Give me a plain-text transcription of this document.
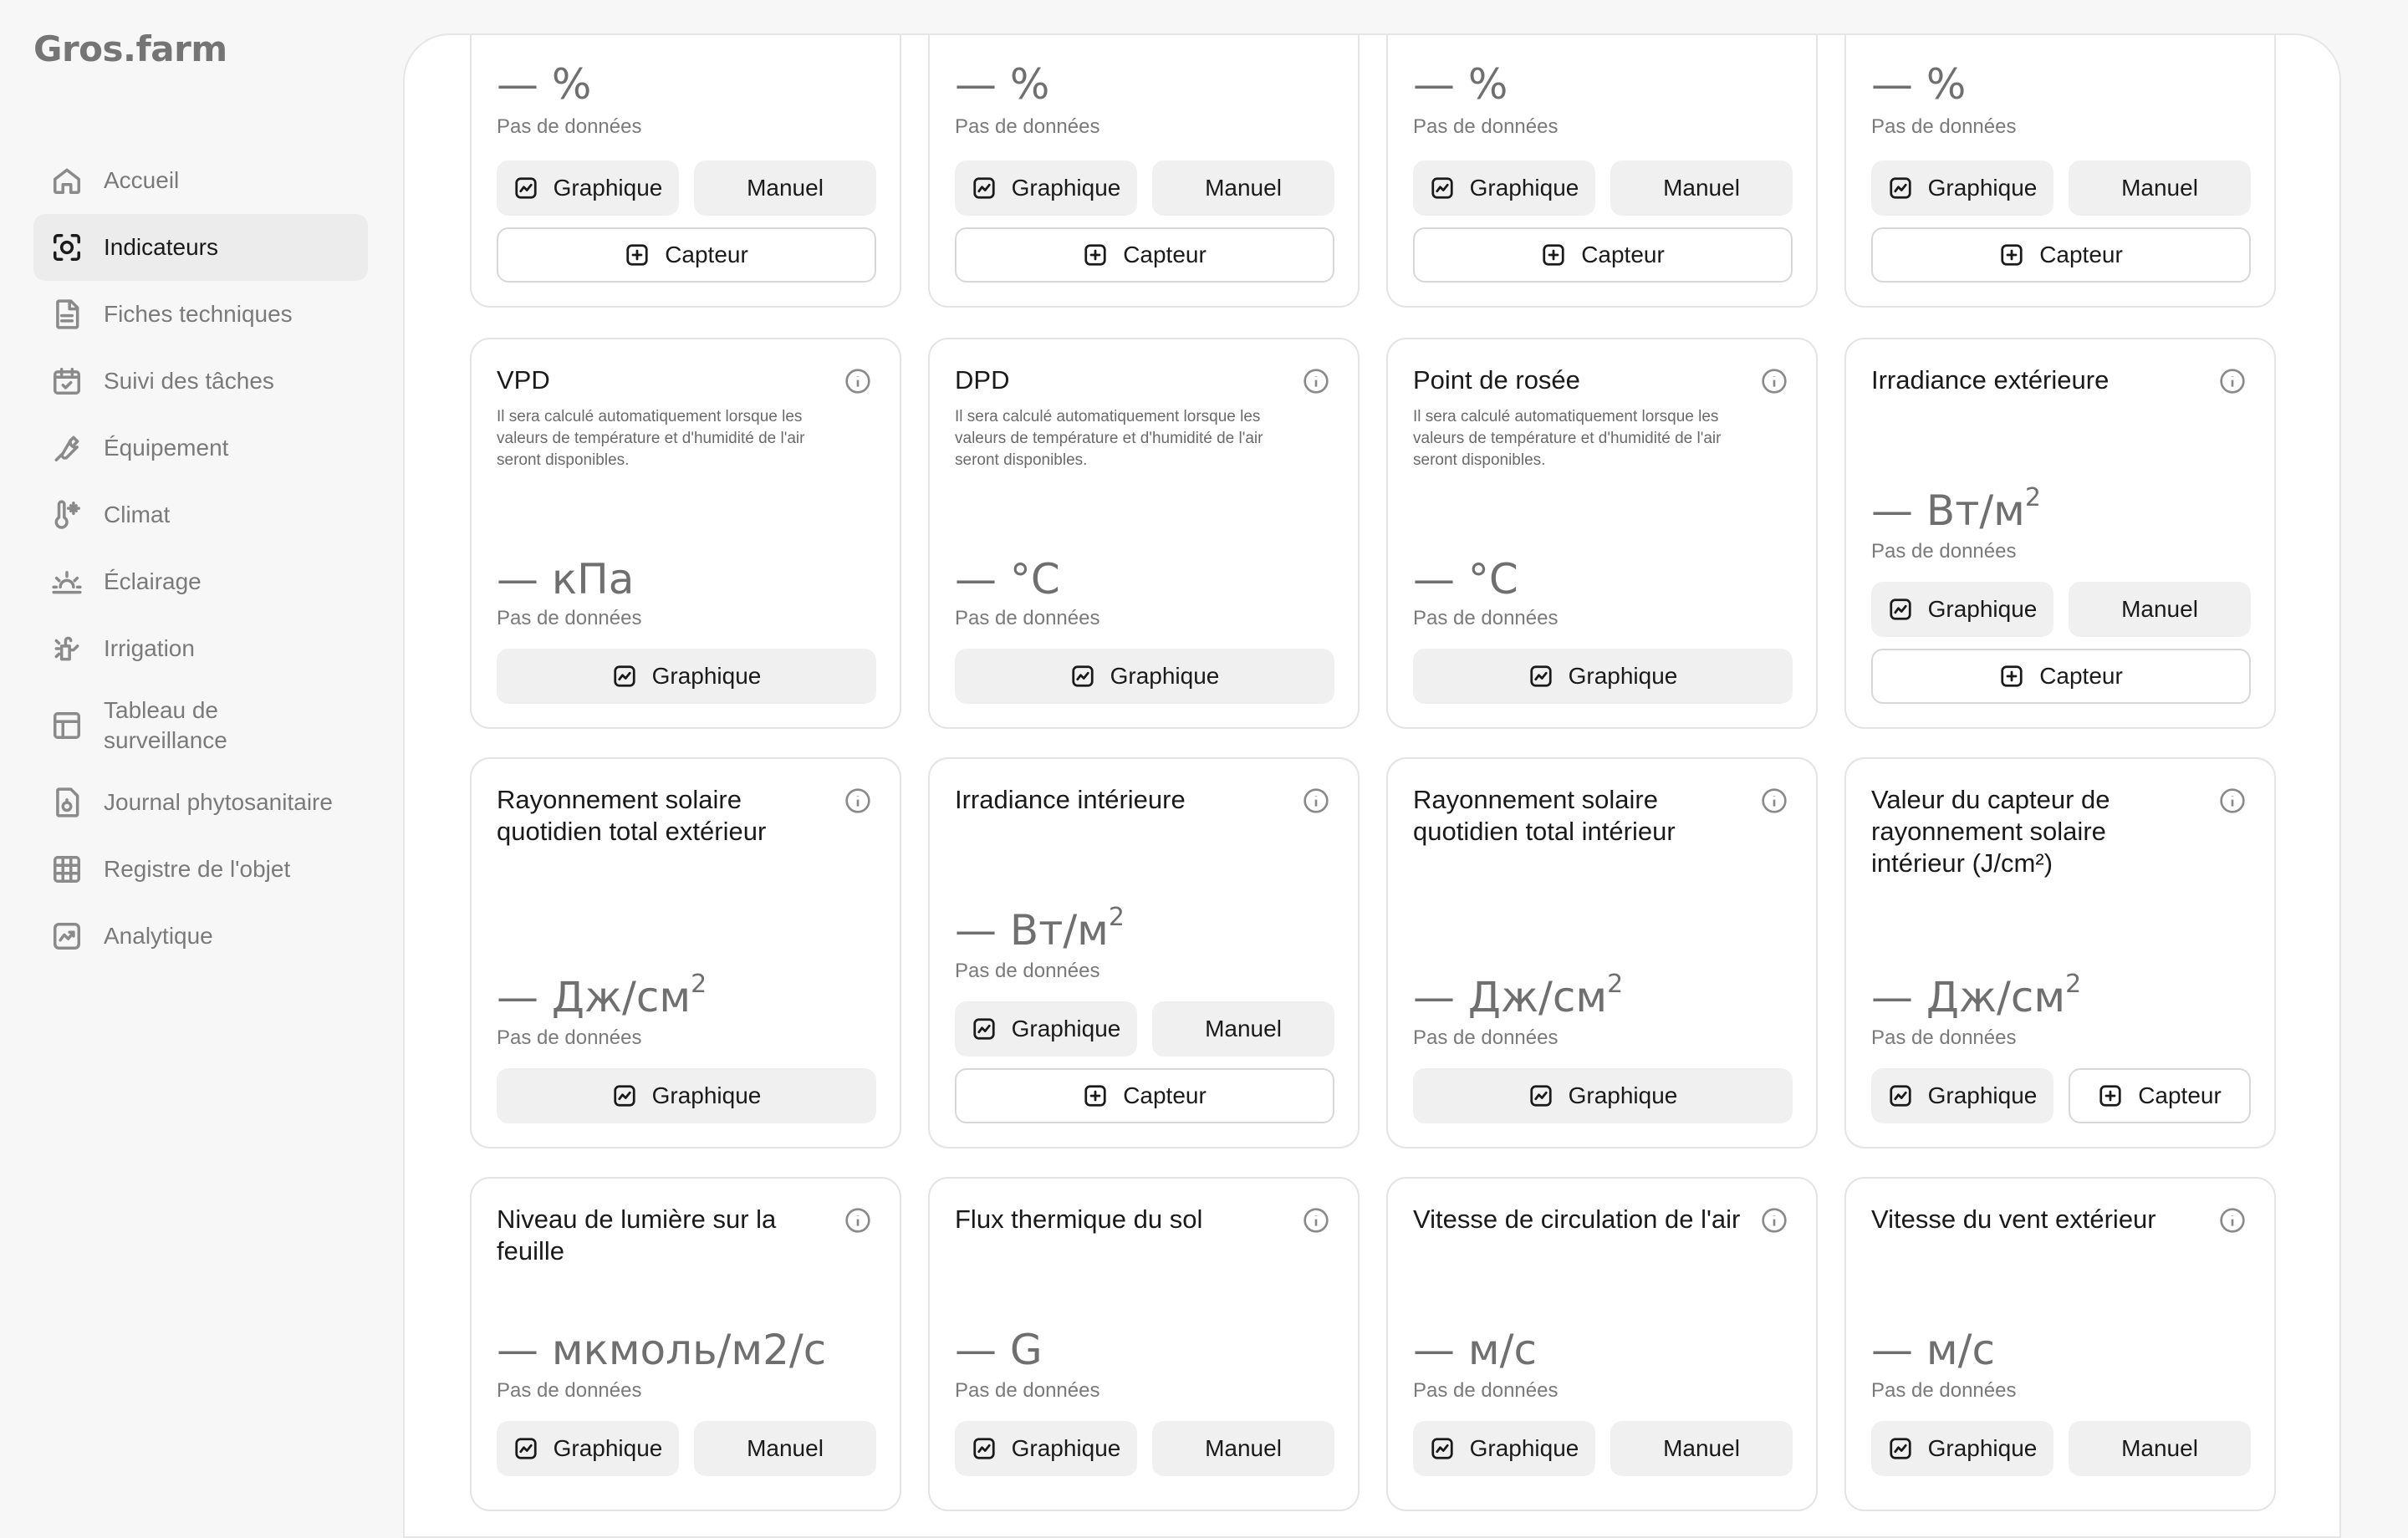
Gros.farm
Accueil
Indicateurs
Fiches techniques
Suivi des tâches
Équipement
Climat
Éclairage
Irrigation
Tableau de surveillance
Journal phytosanitaire
Registre de l'objet
Analytique
— %
Pas de données
Graphique	Manuel
Capteur
— %
Pas de données
Graphique	Manuel
Capteur
— %
Pas de données
Graphique	Manuel
Capteur
— %
Pas de données
Graphique	Manuel
Capteur
VPD
Il sera calculé automatiquement lorsque les valeurs de température et d'humidité de l'air seront disponibles.
— кПа
Pas de données
Graphique
DPD
Il sera calculé automatiquement lorsque les valeurs de température et d'humidité de l'air seront disponibles.
— °C
Pas de données
Graphique
Point de rosée
Il sera calculé automatiquement lorsque les valeurs de température et d'humidité de l'air seront disponibles.
— °C
Pas de données
Graphique
Irradiance extérieure
— $Вт/м^2$
Pas de données
Graphique	Manuel
Capteur
Rayonnement solaire quotidien total extérieur
— $Дж/см^2$
Pas de données
Graphique
Irradiance intérieure
— $Вт/м^2$
Pas de données
Graphique	Manuel
Capteur
Rayonnement solaire quotidien total intérieur
— $Дж/см^2$
Pas de données
Graphique
Valeur du capteur de rayonnement solaire intérieur (J/cm²)
— $Дж/см^2$
Pas de données
Graphique	Capteur
Niveau de lumière sur la feuille
— мкмоль/м2/с
Pas de données
Graphique	Manuel
Flux thermique du sol
— G
Pas de données
Graphique	Manuel
Vitesse de circulation de l'air
— м/с
Pas de données
Graphique	Manuel
Vitesse du vent extérieur
— м/с
Pas de données
Graphique	Manuel
